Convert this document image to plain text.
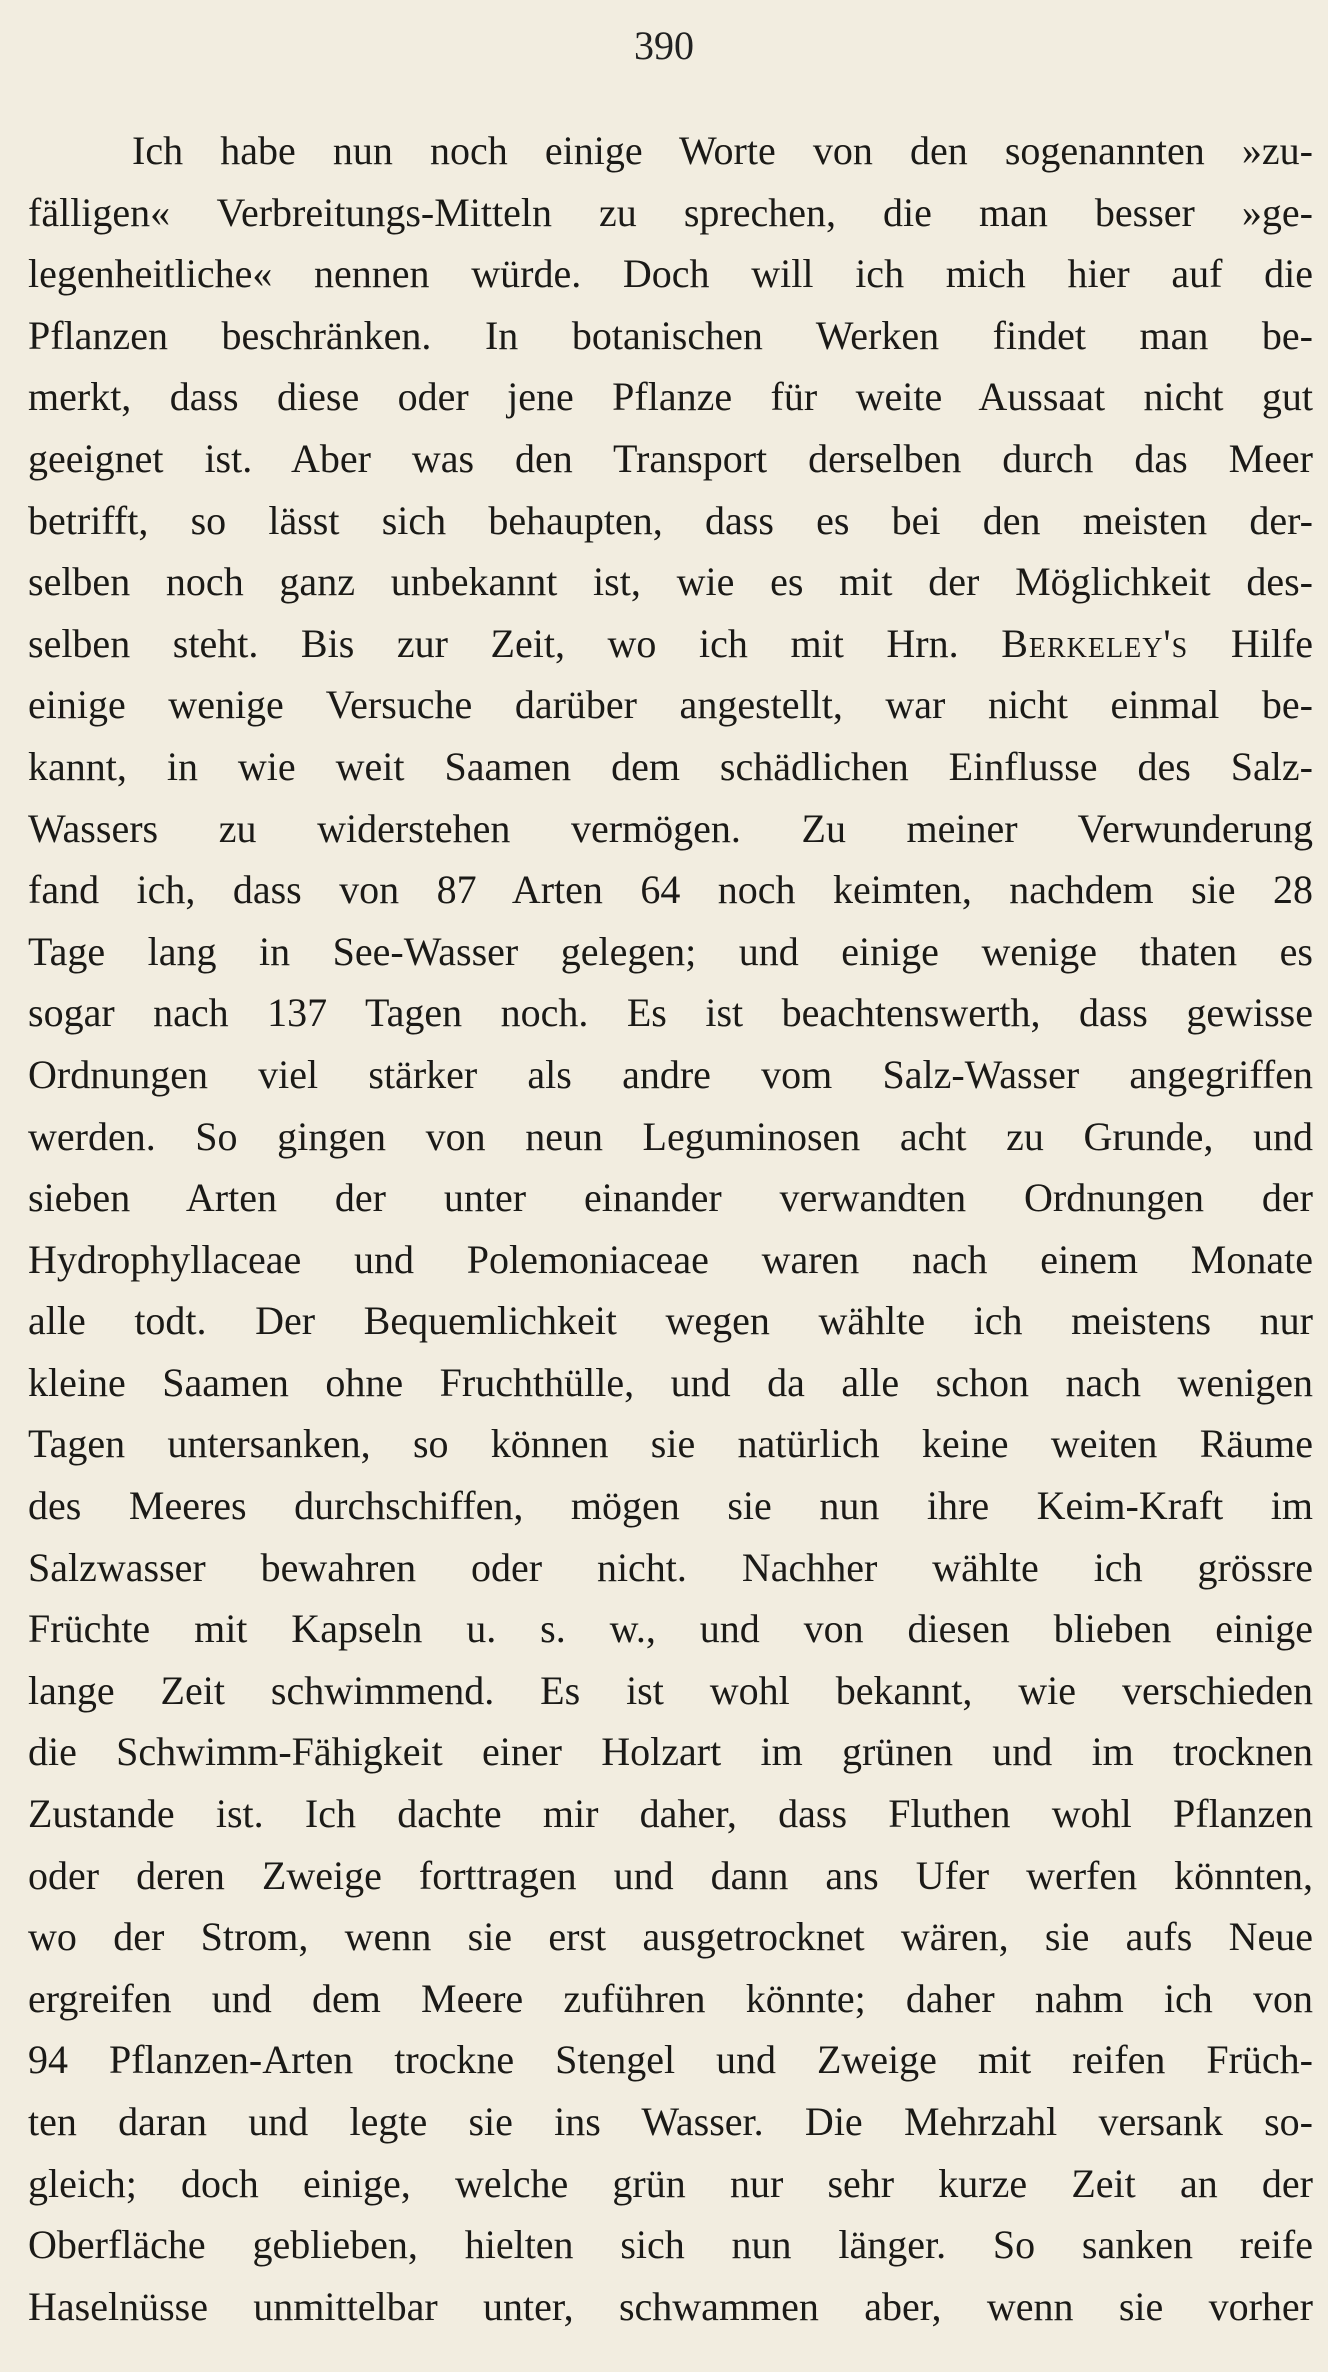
390
Ich habe nun noch einige Worte von den sogenannten »zu-
fälligen« Verbreitungs-Mitteln zu sprechen, die man besser »ge-
legenheitliche« nennen würde. Doch will ich mich hier auf die
Pflanzen beschränken. In botanischen Werken findet man be-
merkt, dass diese oder jene Pflanze für weite Aussaat nicht gut
geeignet ist. Aber was den Transport derselben durch das Meer
betrifft, so lässt sich behaupten, dass es bei den meisten der-
selben noch ganz unbekannt ist, wie es mit der Möglichkeit des-
selben steht. Bis zur Zeit, wo ich mit Hrn. Berkeley's Hilfe
einige wenige Versuche darüber angestellt, war nicht einmal be-
kannt, in wie weit Saamen dem schädlichen Einflusse des Salz-
Wassers zu widerstehen vermögen. Zu meiner Verwunderung
fand ich, dass von 87 Arten 64 noch keimten, nachdem sie 28
Tage lang in See-Wasser gelegen; und einige wenige thaten es
sogar nach 137 Tagen noch. Es ist beachtenswerth, dass gewisse
Ordnungen viel stärker als andre vom Salz-Wasser angegriffen
werden. So gingen von neun Leguminosen acht zu Grunde, und
sieben Arten der unter einander verwandten Ordnungen der
Hydrophyllaceae und Polemoniaceae waren nach einem Monate
alle todt. Der Bequemlichkeit wegen wählte ich meistens nur
kleine Saamen ohne Fruchthülle, und da alle schon nach wenigen
Tagen untersanken, so können sie natürlich keine weiten Räume
des Meeres durchschiffen, mögen sie nun ihre Keim-Kraft im
Salzwasser bewahren oder nicht. Nachher wählte ich grössre
Früchte mit Kapseln u. s. w., und von diesen blieben einige
lange Zeit schwimmend. Es ist wohl bekannt, wie verschieden
die Schwimm-Fähigkeit einer Holzart im grünen und im trocknen
Zustande ist. Ich dachte mir daher, dass Fluthen wohl Pflanzen
oder deren Zweige forttragen und dann ans Ufer werfen könnten,
wo der Strom, wenn sie erst ausgetrocknet wären, sie aufs Neue
ergreifen und dem Meere zuführen könnte; daher nahm ich von
94 Pflanzen-Arten trockne Stengel und Zweige mit reifen Früch-
ten daran und legte sie ins Wasser. Die Mehrzahl versank so-
gleich; doch einige, welche grün nur sehr kurze Zeit an der
Oberfläche geblieben, hielten sich nun länger. So sanken reife
Haselnüsse unmittelbar unter, schwammen aber, wenn sie vorher
